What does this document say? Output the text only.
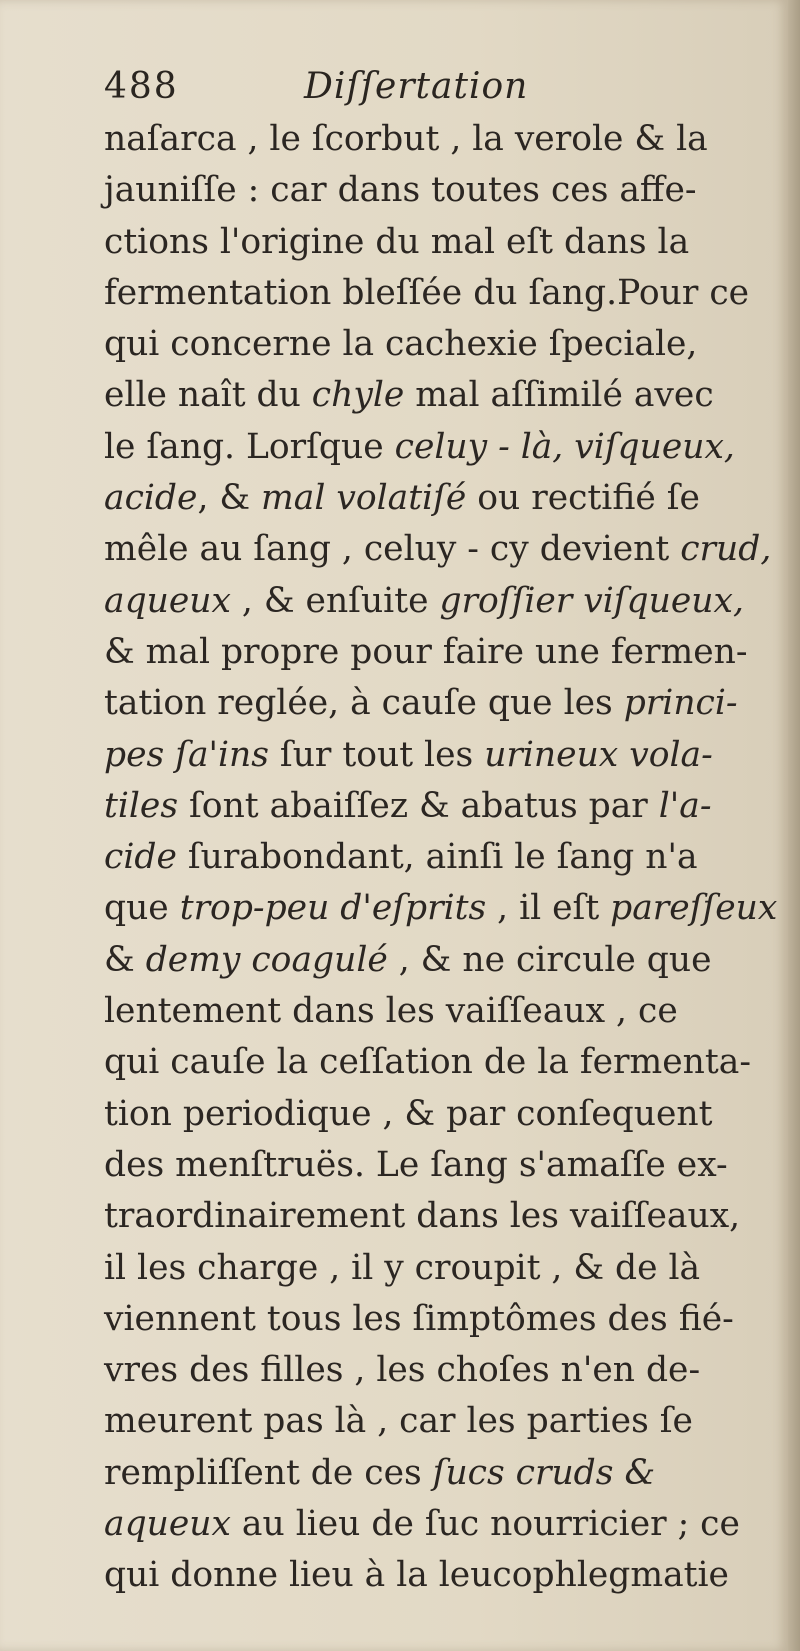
488	Diſſertation
naſarca , le ſcorbut , la verole & la
jauniſſe : car dans toutes ces affe-
ctions l'origine du mal eſt dans la
fermentation bleſſée du ſang.Pour ce
qui concerne la cachexie ſpeciale,
elle naît du chyle mal aſſimilé avec
le ſang. Lorſque celuy - là, viſqueux,
acide, & mal volatiſé ou rectifié ſe
mêle au ſang , celuy - cy devient crud,
aqueux , & enſuite groſſier viſqueux,
& mal propre pour faire une fermen-
tation reglée, à cauſe que les princi-
pes ſa'ins ſur tout les urineux vola-
tiles ſont abaiſſez & abatus par l'a-
cide ſurabondant, ainſi le ſang n'a
que trop-peu d'eſprits , il eſt pareſſeux
& demy coagulé , & ne circule que
lentement dans les vaiſſeaux , ce
qui cauſe la ceſſation de la fermenta-
tion periodique , & par conſequent
des menſtruës. Le ſang s'amaſſe ex-
traordinairement dans les vaiſſeaux,
il les charge , il y croupit , & de là
viennent tous les ſimptômes des fié-
vres des filles , les choſes n'en de-
meurent pas là , car les parties ſe
rempliſſent de ces ſucs cruds &
aqueux au lieu de ſuc nourricier ; ce
qui donne lieu à la leucophlegmatie
